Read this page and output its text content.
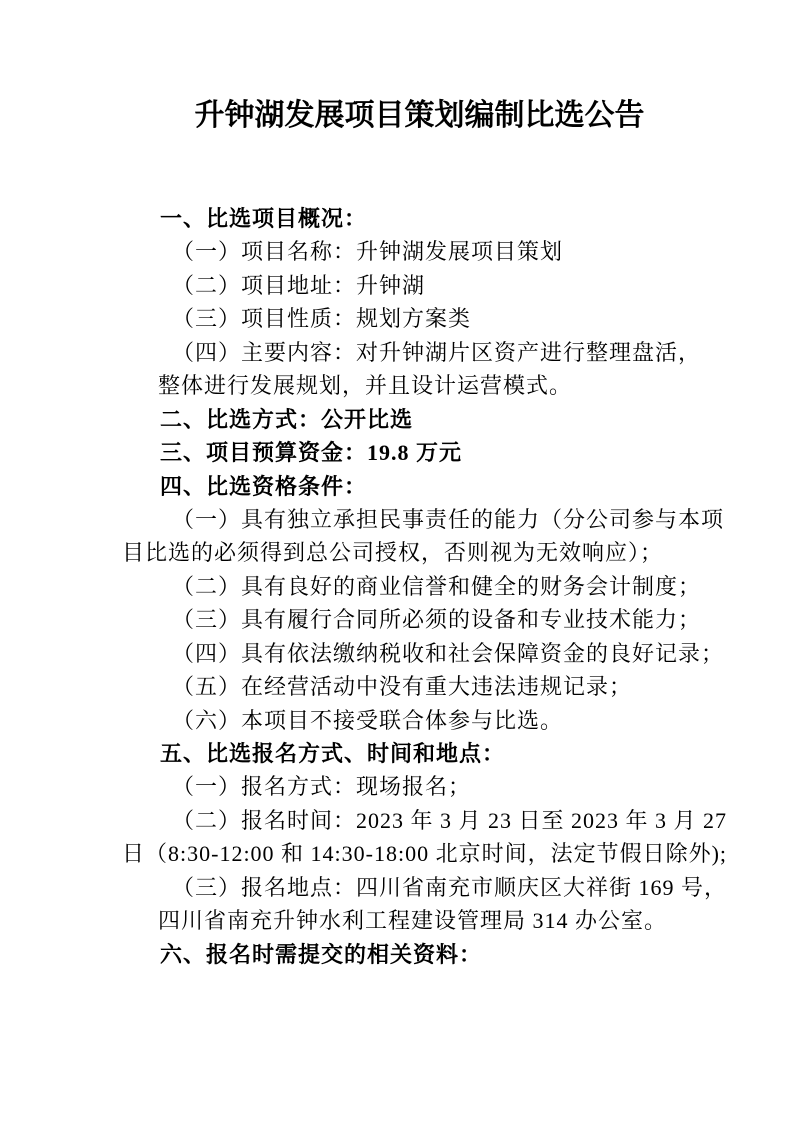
升钟湖发展项目策划编制比选公告
一、比选项目概况：
（一）项目名称：升钟湖发展项目策划
（二）项目地址：升钟湖
（三）项目性质：规划方案类
（四）主要内容：对升钟湖片区资产进行整理盘活，
整体进行发展规划，并且设计运营模式。
二、比选方式：公开比选
三、项目预算资金：19.8 万元
四、比选资格条件：
（一）具有独立承担民事责任的能力（分公司参与本项
目比选的必须得到总公司授权，否则视为无效响应）；
（二）具有良好的商业信誉和健全的财务会计制度；
（三）具有履行合同所必须的设备和专业技术能力；
（四）具有依法缴纳税收和社会保障资金的良好记录；
（五）在经营活动中没有重大违法违规记录；
（六）本项目不接受联合体参与比选。
五、比选报名方式、时间和地点：
（一）报名方式：现场报名；
（二）报名时间：2023 年 3 月 23 日至 2023 年 3 月 27
日（8:30-12:00 和 14:30-18:00 北京时间，法定节假日除外);
（三）报名地点：四川省南充市顺庆区大祥街 169 号，
四川省南充升钟水利工程建设管理局 314 办公室。
六、报名时需提交的相关资料：
